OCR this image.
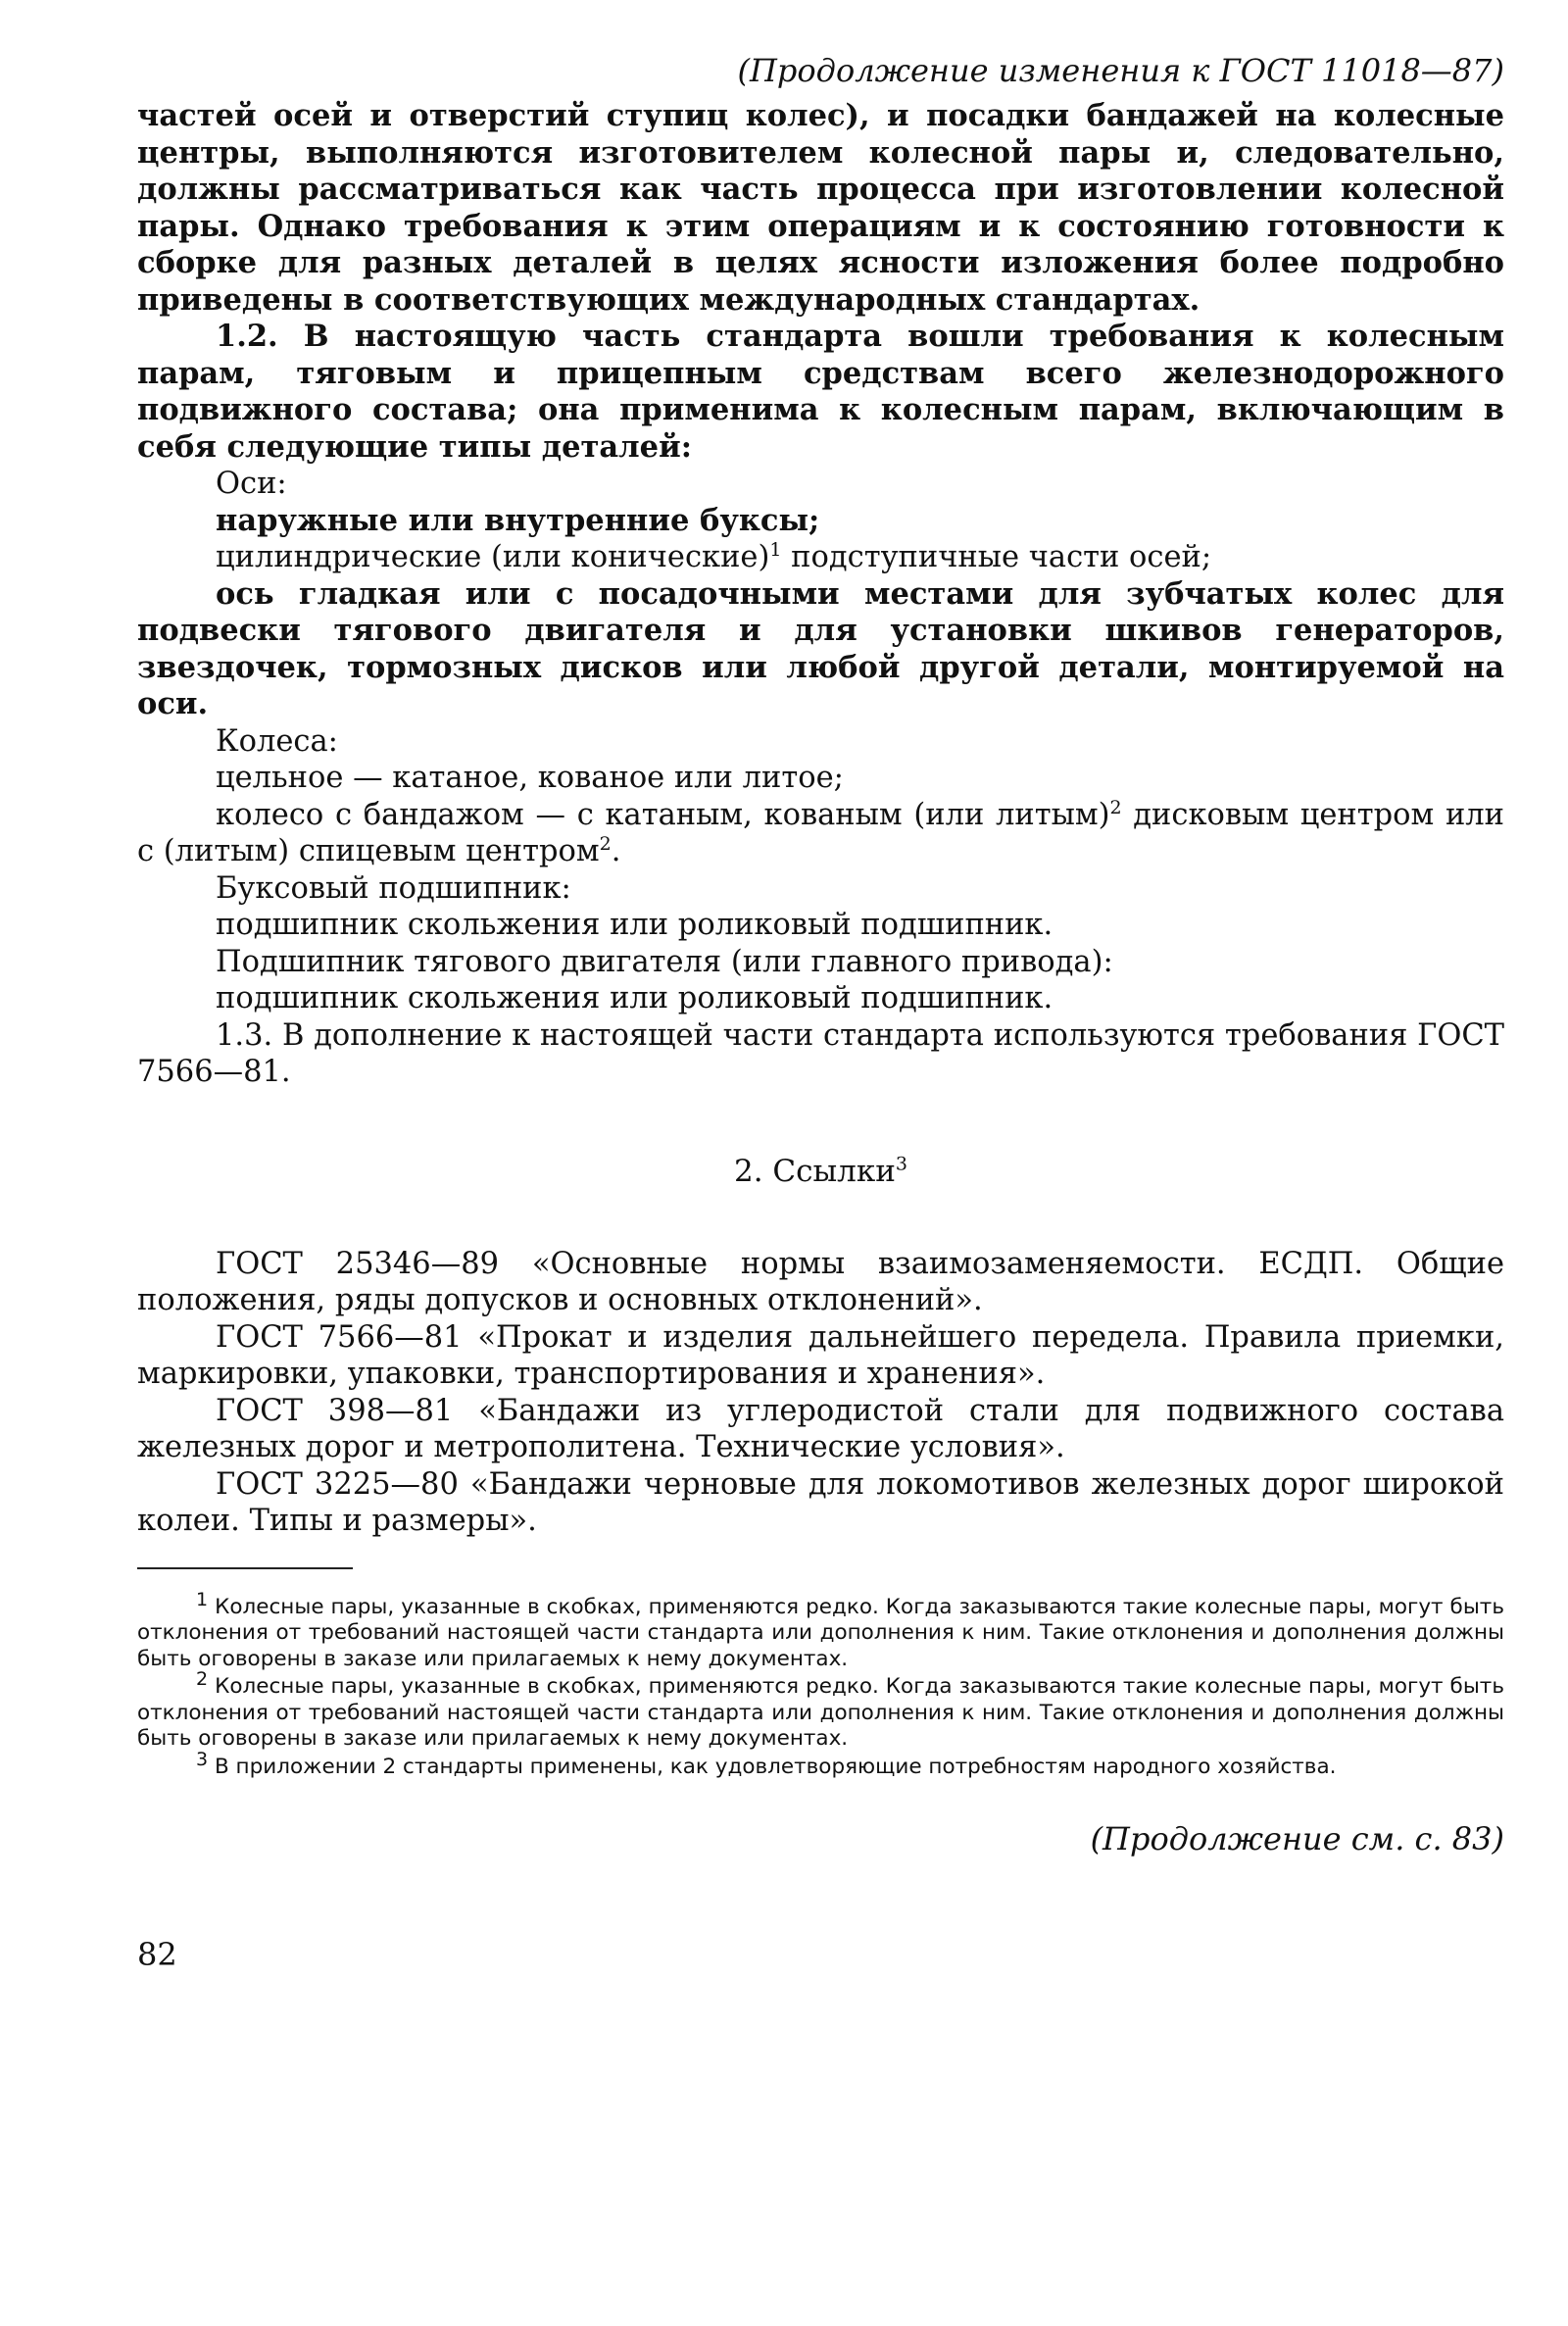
(Продолжение изменения к ГОСТ 11018—87)

частей осей и отверстий ступиц колес), и посадки бандажей на колесные центры, выполняются изготовителем колесной пары и, следовательно, должны рассматриваться как часть процесса при изготовлении колесной пары. Однако требования к этим операциям и к состоянию готовности к сборке для разных деталей в целях ясности изложения более подробно приведены в соответствующих международных стандартах.

1.2. В настоящую часть стандарта вошли требования к колесным парам, тяговым и прицепным средствам всего железнодорожного подвижного состава; она применима к колесным парам, включающим в себя следующие типы деталей:

Оси:

наружные или внутренние буксы;

цилиндрические (или конические)$^1$ подступичные части осей;

ось гладкая или с посадочными местами для зубчатых колес для подвески тягового двигателя и для установки шкивов генераторов, звездочек, тормозных дисков или любой другой детали, монтируемой на оси.

Колеса:

цельное — катаное, кованое или литое;

колесо с бандажом — с катаным, кованым (или литым)$^2$ дисковым центром или с (литым) спицевым центром$^2$.

Буксовый подшипник:

подшипник скольжения или роликовый подшипник.

Подшипник тягового двигателя (или главного привода):

подшипник скольжения или роликовый подшипник.

1.3. В дополнение к настоящей части стандарта используются требования ГОСТ 7566—81.

2. Ссылки$^3$

ГОСТ 25346—89 «Основные нормы взаимозаменяемости. ЕСДП. Общие положения, ряды допусков и основных отклонений».

ГОСТ 7566—81 «Прокат и изделия дальнейшего передела. Правила приемки, маркировки, упаковки, транспортирования и хранения».

ГОСТ 398—81 «Бандажи из углеродистой стали для подвижного состава железных дорог и метрополитена. Технические условия».

ГОСТ 3225—80 «Бандажи черновые для локомотивов железных дорог широкой колеи. Типы и размеры».

$^1$ Колесные пары, указанные в скобках, применяются редко. Когда заказываются такие колесные пары, могут быть отклонения от требований настоящей части стандарта или дополнения к ним. Такие отклонения и дополнения должны быть оговорены в заказе или прилагаемых к нему документах.

$^2$ Колесные пары, указанные в скобках, применяются редко. Когда заказываются такие колесные пары, могут быть отклонения от требований настоящей части стандарта или дополнения к ним. Такие отклонения и дополнения должны быть оговорены в заказе или прилагаемых к нему документах.

$^3$ В приложении 2 стандарты применены, как удовлетворяющие потребностям народного хозяйства.

(Продолжение см. с. 83)
82
